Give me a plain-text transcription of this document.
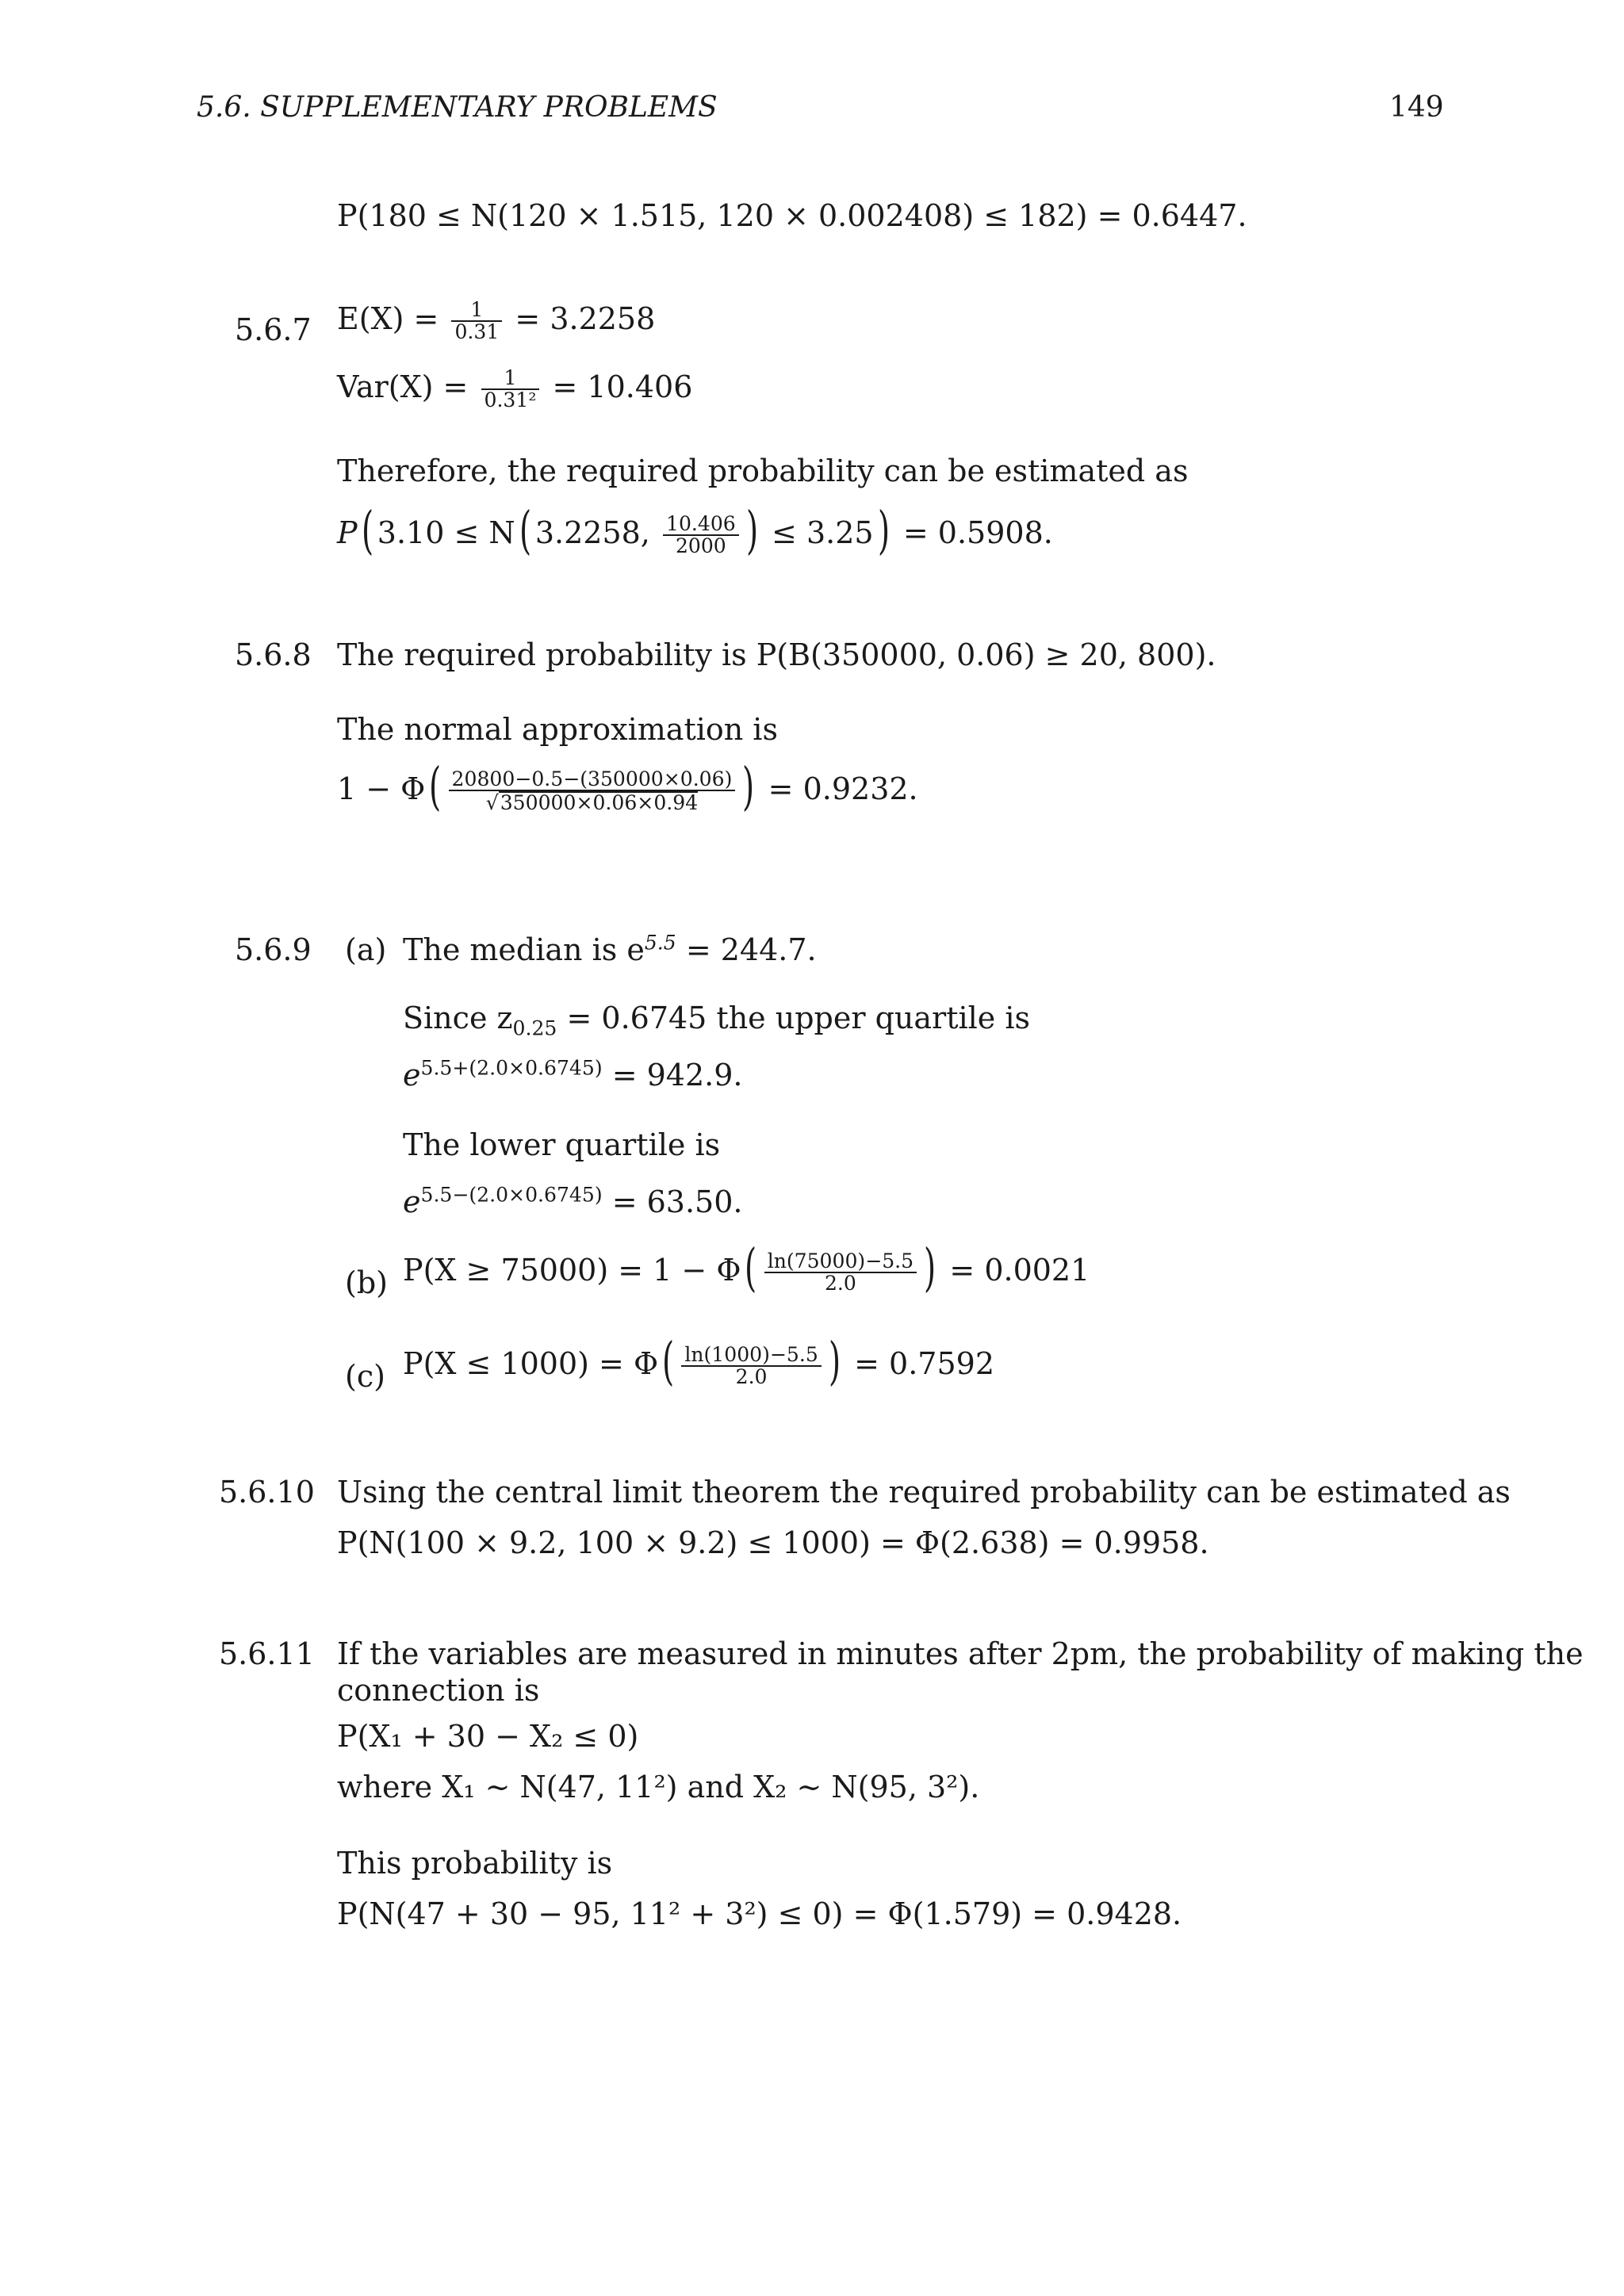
5.6. SUPPLEMENTARY PROBLEMS	149
P(180 ≤ N(120 × 1.515, 120 × 0.002408) ≤ 182) = 0.6447.
5.6.7 $E(X) = \frac{1}{0.31} = 3.2258$
$Var(X) = \frac{1}{\text{0.31²}} = 10.406$
Therefore, the required probability can be estimated as
P( 3.10 ≤ N( 3.2258, $\frac{10.406}{2000}$ ) ≤ 3.25) = 0.5908.
5.6.8 The required probability is P(B(350000, 0.06) ≥ 20, 800).
The normal approximation is
$1 - \Phi( \frac{20800-0.5-(350000\times 0.06)}{√350000\times 0.06\times 0.94}$ ) = 0.9232.
5.6.9 (a) The median is $e^{5.5} = 244.7$.
Since $z_{0.25} = 0.6745$ the upper quartile is
$e^{5.5+(2.0\times 0.6745)} = 942.9$.
The lower quartile is
$e^{5.5-(2.0\times 0.6745)} = 63.50$.
(b) $P(X \ge 75000) = 1 - \Phi( \frac{\ln(75000)-5.5}{2.0}$ ) = 0.0021
(c) $P(X \le 1000) = \Phi( \frac{\ln(1000)-5.5}{2.0}$ ) = 0.7592
5.6.10 Using the central limit theorem the required probability can be estimated as
P(N(100 × 9.2, 100 × 9.2) ≤ 1000) = Φ(2.638) = 0.9958.
5.6.11 If the variables are measured in minutes after 2pm, the probability of making the
connection is
P(X₁ + 30 − X₂ ≤ 0)
where X₁ ∼ N(47, 11²) and X₂ ∼ N(95, 3²).
This probability is
P(N(47 + 30 − 95, 11² + 3²) ≤ 0) = Φ(1.579) = 0.9428.
